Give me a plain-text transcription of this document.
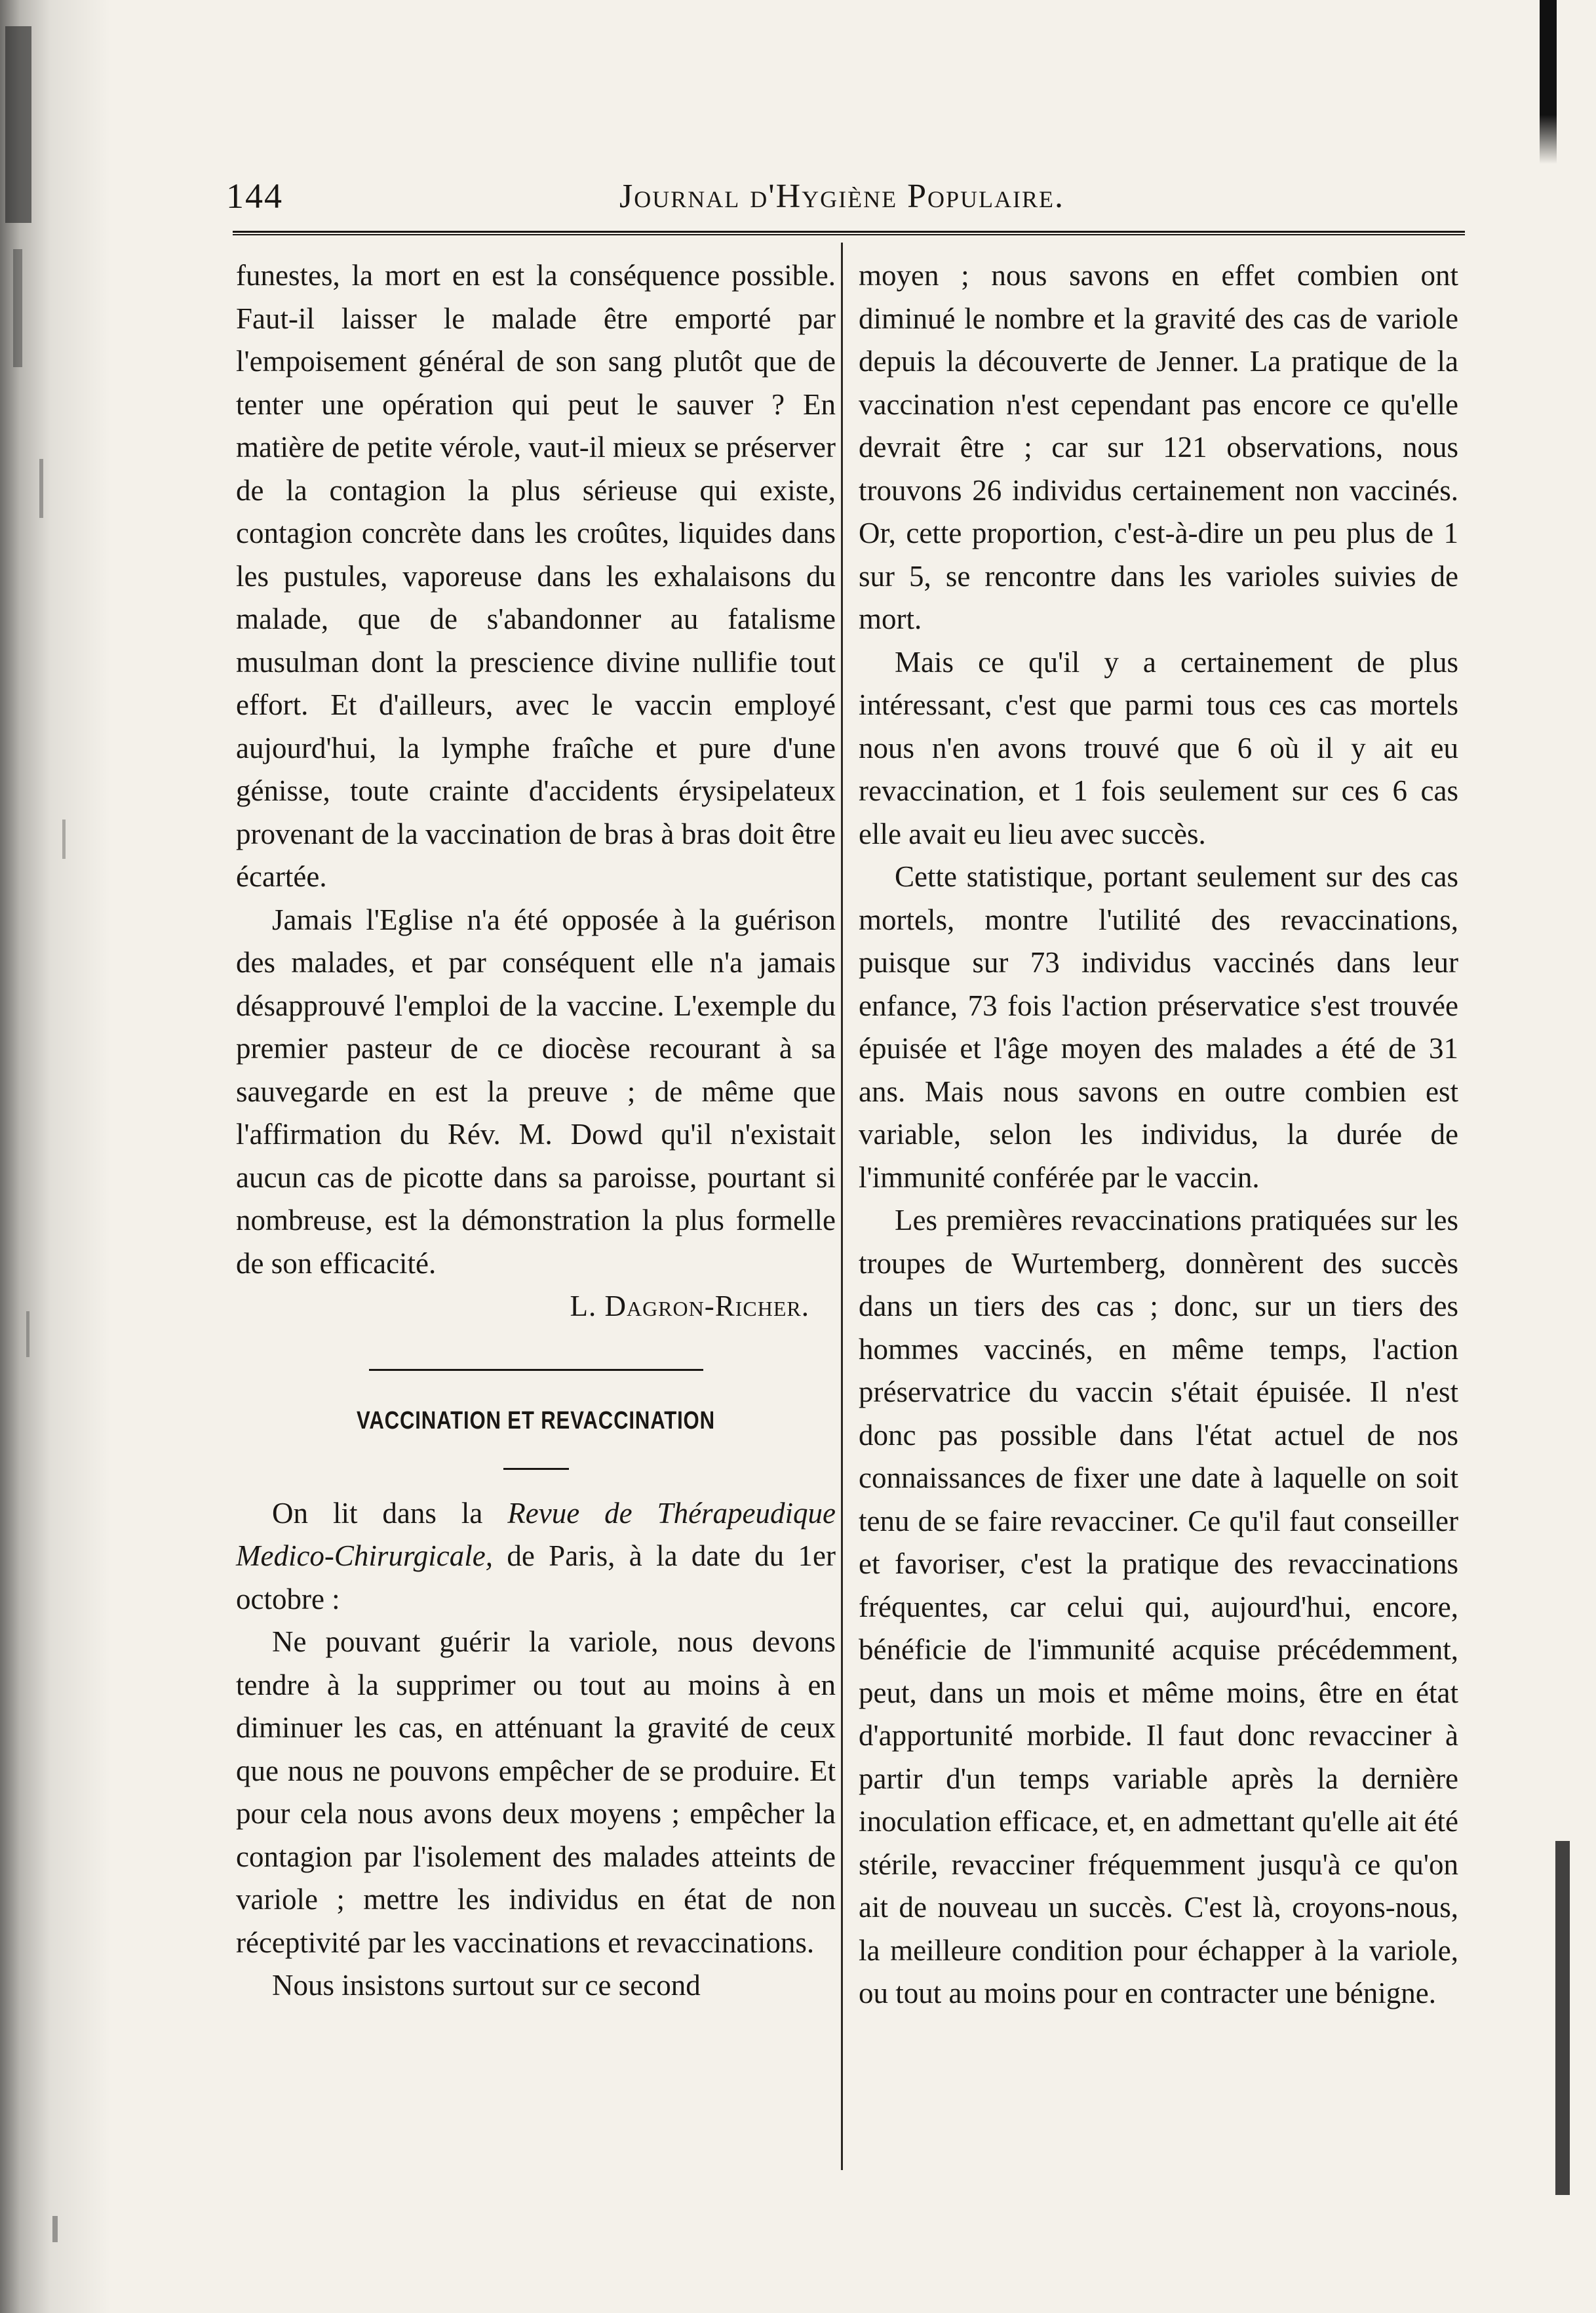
144	Journal d'Hygiène Populaire.

funestes, la mort en est la conséquence possible. Faut-il laisser le malade être emporté par l'empoisement général de son sang plutôt que de tenter une opération qui peut le sauver ? En matière de petite vérole, vaut-il mieux se préserver de la contagion la plus sérieuse qui existe, contagion concrète dans les croûtes, liquides dans les pustules, vaporeuse dans les exhalaisons du malade, que de s'abandonner au fatalisme musulman dont la prescience divine nullifie tout effort. Et d'ailleurs, avec le vaccin employé aujourd'hui, la lymphe fraîche et pure d'une génisse, toute crainte d'accidents érysipelateux provenant de la vaccination de bras à bras doit être écartée.

Jamais l'Eglise n'a été opposée à la guérison des malades, et par conséquent elle n'a jamais désapprouvé l'emploi de la vaccine. L'exemple du premier pasteur de ce diocèse recourant à sa sauvegarde en est la preuve ; de même que l'affirmation du Rév. M. Dowd qu'il n'existait aucun cas de picotte dans sa paroisse, pourtant si nombreuse, est la démonstration la plus formelle de son efficacité.

L. Dagron-Richer.

VACCINATION ET REVACCINATION

On lit dans la Revue de Thérapeudique Medico-Chirurgicale, de Paris, à la date du 1er octobre :

Ne pouvant guérir la variole, nous devons tendre à la supprimer ou tout au moins à en diminuer les cas, en atténuant la gravité de ceux que nous ne pouvons empêcher de se produire. Et pour cela nous avons deux moyens ; empêcher la contagion par l'isolement des malades atteints de variole ; mettre les individus en état de non réceptivité par les vaccinations et revaccinations.

Nous insistons surtout sur ce second

moyen ; nous savons en effet combien ont diminué le nombre et la gravité des cas de variole depuis la découverte de Jenner. La pratique de la vaccination n'est cependant pas encore ce qu'elle devrait être ; car sur 121 observations, nous trouvons 26 individus certainement non vaccinés. Or, cette proportion, c'est-à-dire un peu plus de 1 sur 5, se rencontre dans les varioles suivies de mort.

Mais ce qu'il y a certainement de plus intéressant, c'est que parmi tous ces cas mortels nous n'en avons trouvé que 6 où il y ait eu revaccination, et 1 fois seulement sur ces 6 cas elle avait eu lieu avec succès.

Cette statistique, portant seulement sur des cas mortels, montre l'utilité des revaccinations, puisque sur 73 individus vaccinés dans leur enfance, 73 fois l'action préservatice s'est trouvée épuisée et l'âge moyen des malades a été de 31 ans. Mais nous savons en outre combien est variable, selon les individus, la durée de l'immunité conférée par le vaccin.

Les premières revaccinations pratiquées sur les troupes de Wurtemberg, donnèrent des succès dans un tiers des cas ; donc, sur un tiers des hommes vaccinés, en même temps, l'action préservatrice du vaccin s'était épuisée. Il n'est donc pas possible dans l'état actuel de nos connaissances de fixer une date à laquelle on soit tenu de se faire revacciner. Ce qu'il faut conseiller et favoriser, c'est la pratique des revaccinations fréquentes, car celui qui, aujourd'hui, encore, bénéficie de l'immunité acquise précédemment, peut, dans un mois et même moins, être en état d'apportunité morbide. Il faut donc revacciner à partir d'un temps variable après la dernière inoculation efficace, et, en admettant qu'elle ait été stérile, revacciner fréquemment jusqu'à ce qu'on ait de nouveau un succès. C'est là, croyons-nous, la meilleure condition pour échapper à la variole, ou tout au moins pour en contracter une bénigne.
